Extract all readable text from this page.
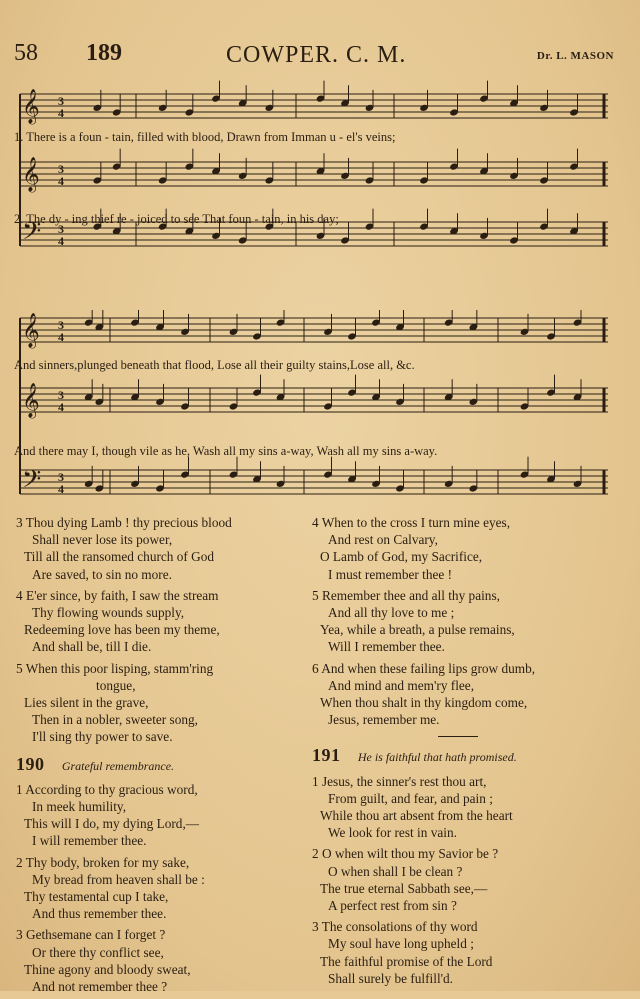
58 189	COWPER. C. M.	Dr. L. MASON
𝄞 3
4
𝄞 3
4
𝄢 3
4
1. There is a foun - tain, filled with blood, Drawn from Imman u - el's veins;
2. The dy - ing thief re - joiced to see That foun - tain, in his day;
𝄞 3
4
𝄞 3
4
𝄢 3
4
And sinners,plunged beneath that flood, Lose all their guilty stains,Lose all, &c.
And there may I, though vile as he, Wash all my sins a-way, Wash all my sins a-way.
3 Thou dying Lamb ! thy precious blood
Shall never lose its power,
Till all the ransomed church of God
Are saved, to sin no more.
4 E'er since, by faith, I saw the stream
Thy flowing wounds supply,
Redeeming love has been my theme,
And shall be, till I die.
5 When this poor lisping, stamm'ring
tongue,
Lies silent in the grave,
Then in a nobler, sweeter song,
I'll sing thy power to save.
190 Grateful remembrance.
1 According to thy gracious word,
In meek humility,
This will I do, my dying Lord,—
I will remember thee.
2 Thy body, broken for my sake,
My bread from heaven shall be :
Thy testamental cup I take,
And thus remember thee.
3 Gethsemane can I forget ?
Or there thy conflict see,
Thine agony and bloody sweat,
And not remember thee ?
4 When to the cross I turn mine eyes,
And rest on Calvary,
O Lamb of God, my Sacrifice,
I must remember thee !
5 Remember thee and all thy pains,
And all thy love to me ;
Yea, while a breath, a pulse remains,
Will I remember thee.
6 And when these failing lips grow dumb,
And mind and mem'ry flee,
When thou shalt in thy kingdom come,
Jesus, remember me.
191 He is faithful that hath promised.
1 Jesus, the sinner's rest thou art,
From guilt, and fear, and pain ;
While thou art absent from the heart
We look for rest in vain.
2 O when wilt thou my Savior be ?
O when shall I be clean ?
The true eternal Sabbath see,—
A perfect rest from sin ?
3 The consolations of thy word
My soul have long upheld ;
The faithful promise of the Lord
Shall surely be fulfill'd.
